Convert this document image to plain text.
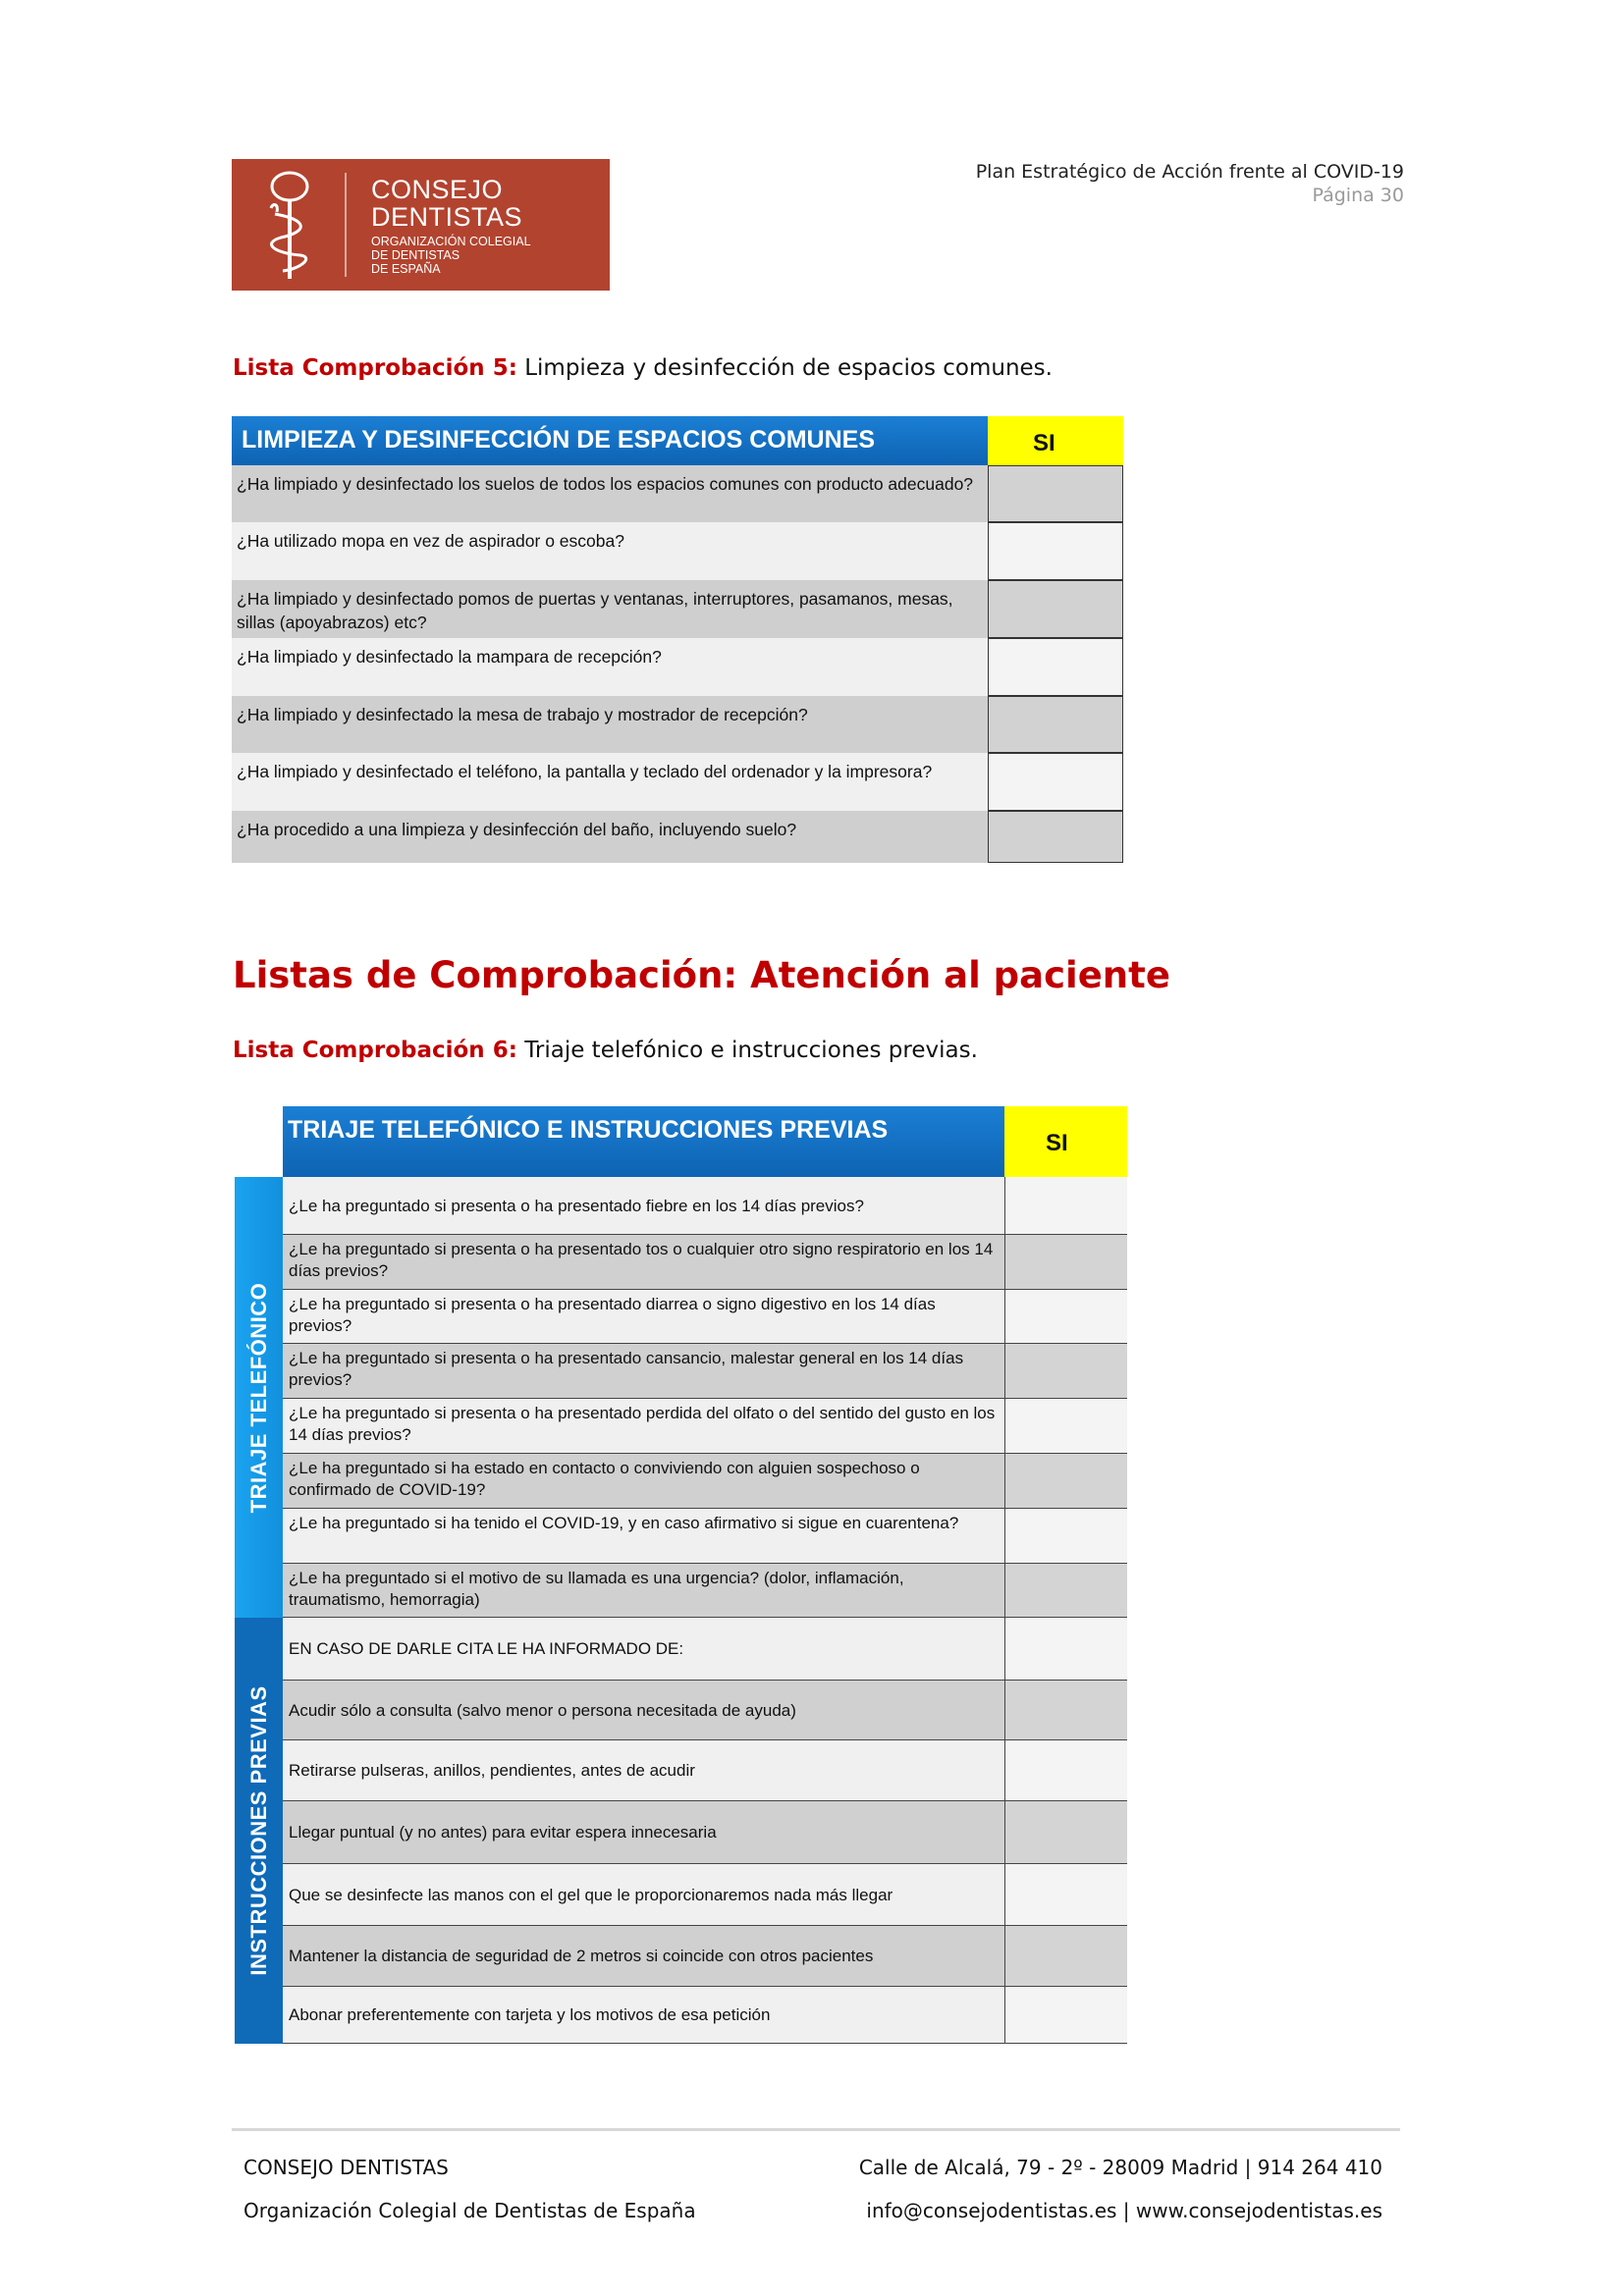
CONSEJO
DENTISTAS
ORGANIZACIÓN COLEGIAL
DE DENTISTAS
DE ESPAÑA
Plan Estratégico de Acción frente al COVID-19
Página 30
Lista Comprobación 5: Limpieza y desinfección de espacios comunes.
LIMPIEZA Y DESINFECCIÓN DE ESPACIOS COMUNES	SI
¿Ha limpiado y desinfectado los suelos de todos los espacios comunes con producto adecuado?
¿Ha utilizado mopa en vez de aspirador o escoba?
¿Ha limpiado y desinfectado pomos de puertas y ventanas, interruptores, pasamanos, mesas, sillas (apoyabrazos) etc?
¿Ha limpiado y desinfectado la mampara de recepción?
¿Ha limpiado y desinfectado la mesa de trabajo y mostrador de recepción?
¿Ha limpiado y desinfectado el teléfono, la pantalla y teclado del ordenador y la impresora?
¿Ha procedido a una limpieza y desinfección del baño, incluyendo suelo?
Listas de Comprobación: Atención al paciente
Lista Comprobación 6: Triaje telefónico e instrucciones previas.
TRIAJE TELEFÓNICO E INSTRUCCIONES PREVIAS	SI
TRIAJE TELEFÓNICO
INSTRUCCIONES PREVIAS
¿Le ha preguntado si presenta o ha presentado fiebre en los 14 días previos?
¿Le ha preguntado si presenta o ha presentado tos o cualquier otro signo respiratorio en los 14 días previos?
¿Le ha preguntado si presenta o ha presentado diarrea o signo digestivo en los 14 días previos?
¿Le ha preguntado si presenta o ha presentado cansancio, malestar general en los 14 días previos?
¿Le ha preguntado si presenta o ha presentado perdida del olfato o del sentido del gusto en los 14 días previos?
¿Le ha preguntado si ha estado en contacto o conviviendo con alguien sospechoso o confirmado de COVID-19?
¿Le ha preguntado si ha tenido el COVID-19, y en caso afirmativo si sigue en cuarentena?
¿Le ha preguntado si el motivo de su llamada es una urgencia? (dolor, inflamación, traumatismo, hemorragia)
EN CASO DE DARLE CITA LE HA INFORMADO DE:
Acudir sólo a consulta (salvo menor o persona necesitada de ayuda)
Retirarse pulseras, anillos, pendientes, antes de acudir
Llegar puntual (y no antes) para evitar espera innecesaria
Que se desinfecte las manos con el gel que le proporcionaremos nada más llegar
Mantener la distancia de seguridad de 2 metros si coincide con otros pacientes
Abonar preferentemente con tarjeta y los motivos de esa petición
CONSEJO DENTISTAS
Organización Colegial de Dentistas de España
Calle de Alcalá, 79 - 2º - 28009 Madrid | 914 264 410
info@consejodentistas.es | www.consejodentistas.es
